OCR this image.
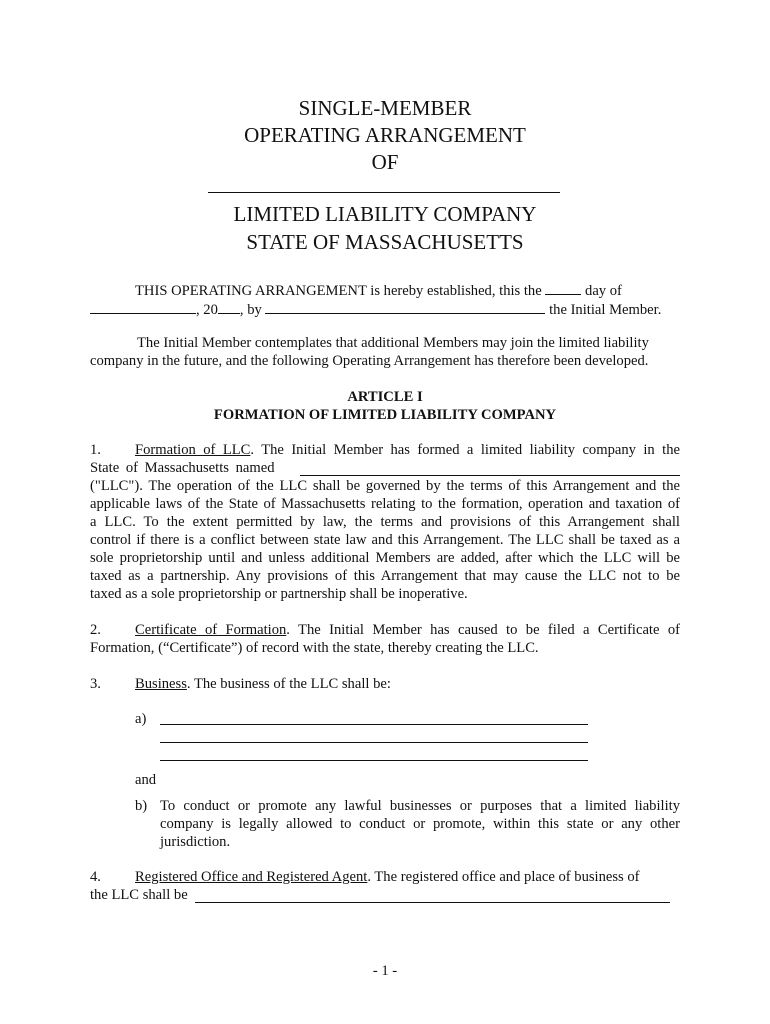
SINGLE-MEMBER
OPERATING ARRANGEMENT
OF
LIMITED LIABILITY COMPANY
STATE OF MASSACHUSETTS
THIS OPERATING ARRANGEMENT is hereby established, this the	day of
, 20 , by	the Initial Member.
The Initial Member contemplates that additional Members may join the limited liability
company in the future, and the following Operating Arrangement has therefore been developed.
ARTICLE I
FORMATION OF LIMITED LIABILITY COMPANY
1. Formation of LLC. The Initial Member has formed a limited liability company in the
State of Massachusetts named
("LLC"). The operation of the LLC shall be governed by the terms of this Arrangement and the
applicable laws of the State of Massachusetts relating to the formation, operation and taxation of
a LLC. To the extent permitted by law, the terms and provisions of this Arrangement shall
control if there is a conflict between state law and this Arrangement. The LLC shall be taxed as a
sole proprietorship until and unless additional Members are added, after which the LLC will be
taxed as a partnership. Any provisions of this Arrangement that may cause the LLC not to be
taxed as a sole proprietorship or partnership shall be inoperative.
2. Certificate of Formation. The Initial Member has caused to be filed a Certificate of
Formation, (“Certificate”) of record with the state, thereby creating the LLC.
3. Business. The business of the LLC shall be:
a)
and
b) To conduct or promote any lawful businesses or purposes that a limited liability
company is legally allowed to conduct or promote, within this state or any other
jurisdiction.
4. Registered Office and Registered Agent. The registered office and place of business of
the LLC shall be
- 1 -
